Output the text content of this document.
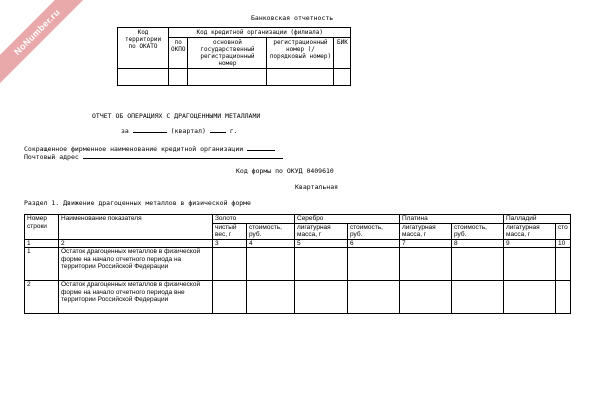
NoNumber.ru	Банковская отчетность
Код территории по ОКАТО	Код кредитной организации (филиала)			
	по ОКПО	основной государственный регистрационный номер	регистрационный номер (/порядковый номер)	БИК

ОТЧЕТ ОБ ОПЕРАЦИЯХ С ДРАГОЦЕННЫМИ МЕТАЛЛАМИ
за	(квартал)	г.
Сокращенное фирменное наименование кредитной организации
Почтовый адрес
Код формы по ОКУД 0409610
Квартальная
Раздел 1. Движение драгоценных металлов в физической форме
Номер строки	Наименование показателя	Золото		Серебро		Платина		Палладий	
		чистый вес, г	стоимость, руб.	лигатурная масса, г	стоимость, руб.	лигатурная масса, г	стоимость, руб.	лигатурная масса, г	сто
1	2	3	4	5	6	7	8	9	10
1	Остаток драгоценных металлов в физической форме на начало отчетного периода на территории Российской Федерации								
2	Остаток драгоценных металлов в физической форме на начало отчетного периода вне территории Российской Федерации								
